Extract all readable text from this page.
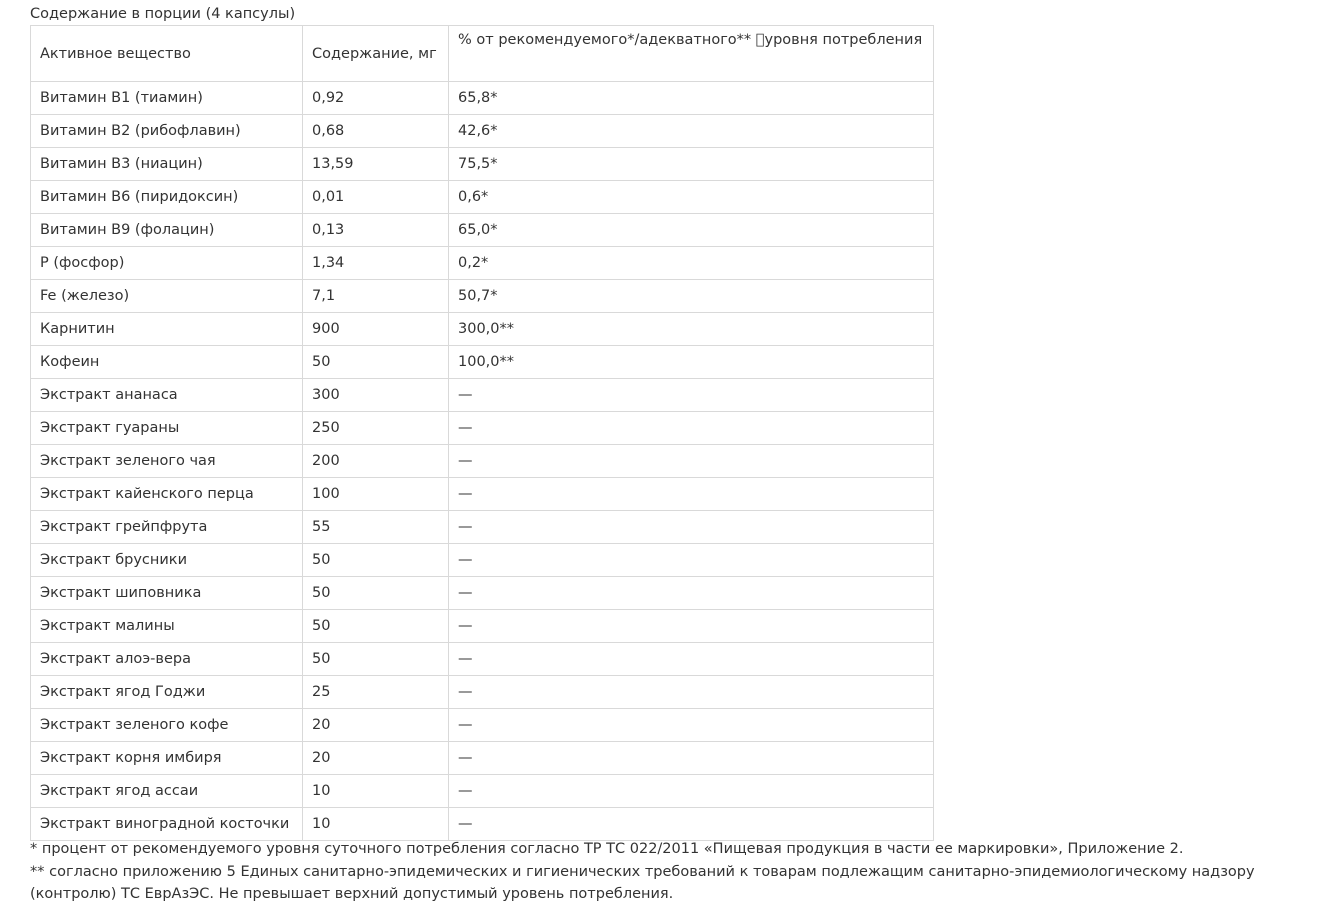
Содержание в порции (4 капсулы)
Активное вещество	Содержание, мг	% от рекомендуемого*/адекватного**  уровня потребления
Витамин В1 (тиамин)	0,92	65,8*
Витамин В2 (рибофлавин)	0,68	42,6*
Витамин В3 (ниацин)	13,59	75,5*
Витамин В6 (пиридоксин)	0,01	0,6*
Витамин В9 (фолацин)	0,13	65,0*
Р (фосфор)	1,34	0,2*
Fe (железо)	7,1	50,7*
Карнитин	900	300,0**
Кофеин	50	100,0**
Экстракт ананаса	300	—
Экстракт гуараны	250	—
Экстракт зеленого чая	200	—
Экстракт кайенского перца	100	—
Экстракт грейпфрута	55	—
Экстракт брусники	50	—
Экстракт шиповника	50	—
Экстракт малины	50	—
Экстракт алоэ-вера	50	—
Экстракт ягод Годжи	25	—
Экстракт зеленого кофе	20	—
Экстракт корня имбиря	20	—
Экстракт ягод ассаи	10	—
Экстракт виноградной косточки	10	—

* процент от рекомендуемого уровня суточного потребления согласно ТР ТС 022/2011 «Пищевая продукция в части ее маркировки», Приложение 2.

** согласно приложению 5 Единых санитарно-эпидемических и гигиенических требований к товарам подлежащим санитарно-эпидемиологическому надзору (контролю) ТС ЕврАзЭС. Не превышает верхний допустимый уровень потребления.
